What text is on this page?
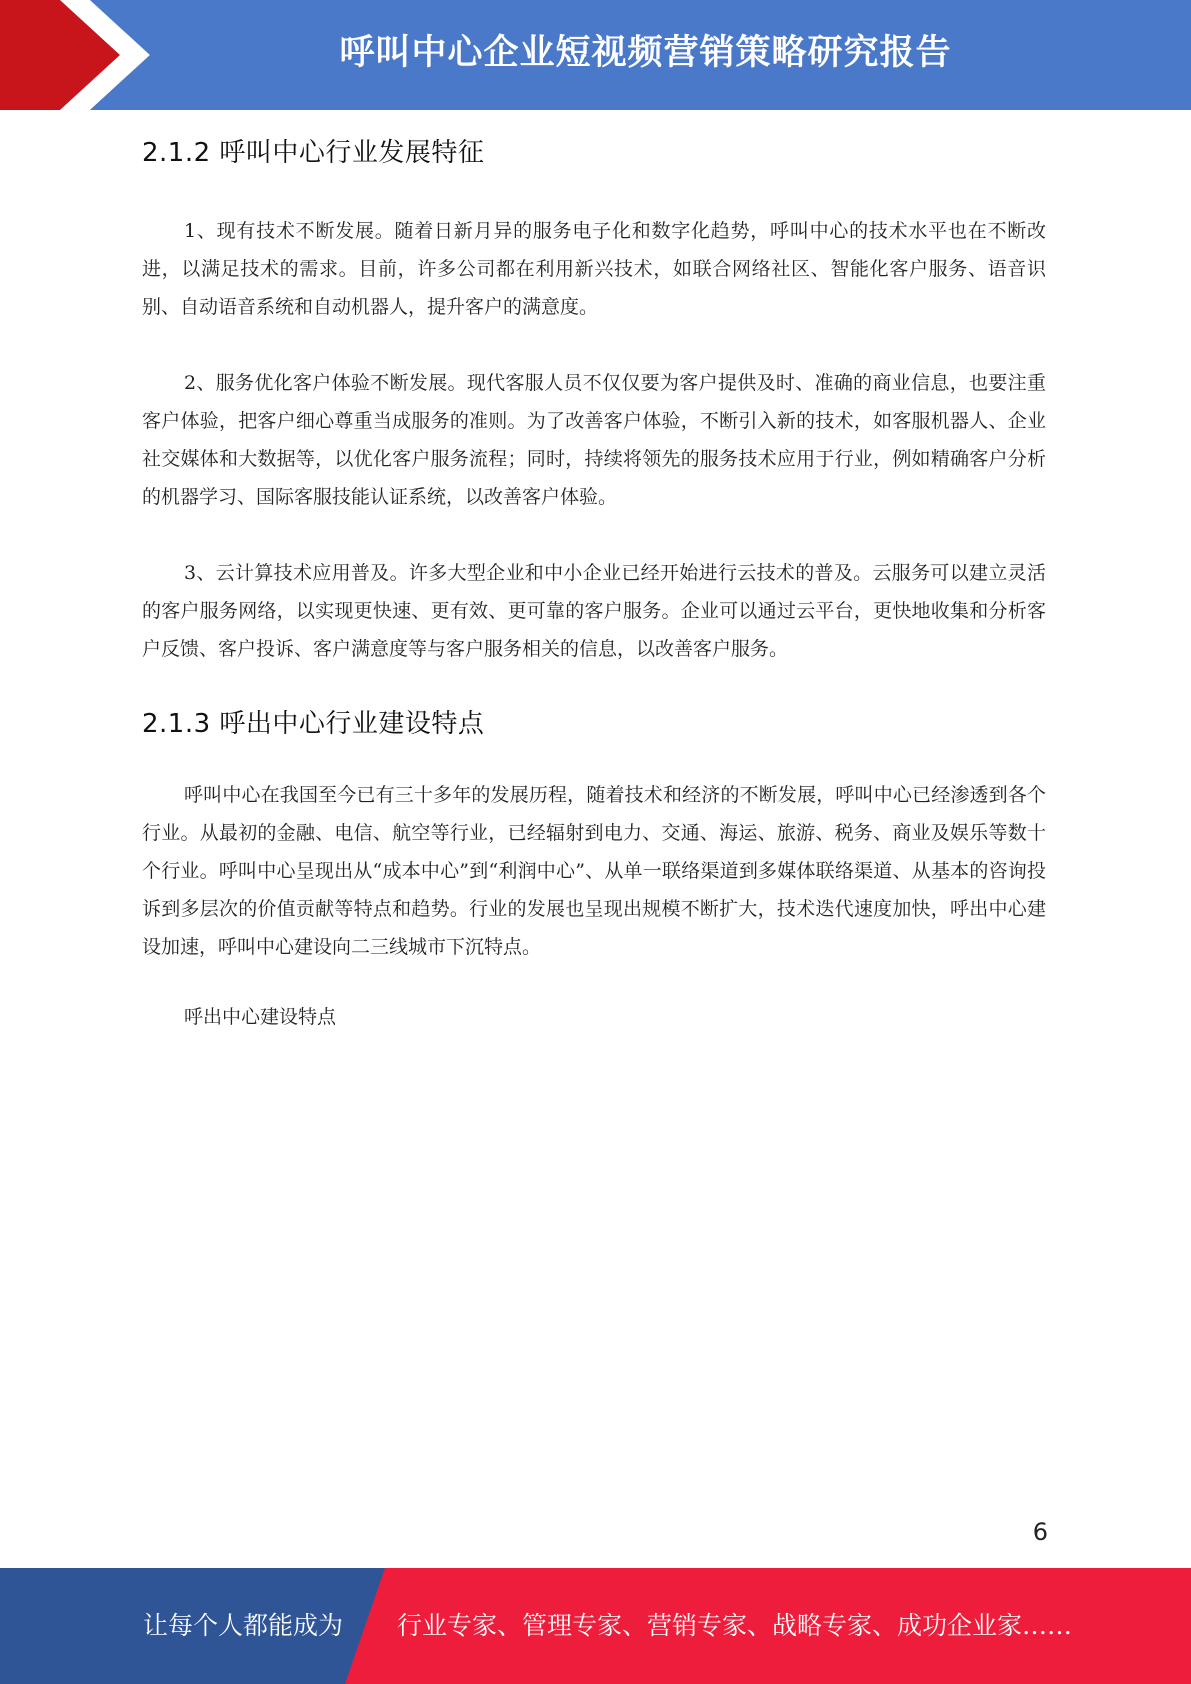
呼叫中心企业短视频营销策略研究报告
2.1.2 呼叫中心行业发展特征

1、现有技术不断发展。随着日新月异的服务电子化和数字化趋势，呼叫中心的技术水平也在不断改进，以满足技术的需求。目前，许多公司都在利用新兴技术，如联合网络社区、智能化客户服务、语音识别、自动语音系统和自动机器人，提升客户的满意度。

2、服务优化客户体验不断发展。现代客服人员不仅仅要为客户提供及时、准确的商业信息，也要注重客户体验，把客户细心尊重当成服务的准则。为了改善客户体验，不断引入新的技术，如客服机器人、企业社交媒体和大数据等，以优化客户服务流程；同时，持续将领先的服务技术应用于行业，例如精确客户分析的机器学习、国际客服技能认证系统，以改善客户体验。

3、云计算技术应用普及。许多大型企业和中小企业已经开始进行云技术的普及。云服务可以建立灵活的客户服务网络，以实现更快速、更有效、更可靠的客户服务。企业可以通过云平台，更快地收集和分析客户反馈、客户投诉、客户满意度等与客户服务相关的信息，以改善客户服务。

2.1.3 呼出中心行业建设特点

呼叫中心在我国至今已有三十多年的发展历程，随着技术和经济的不断发展，呼叫中心已经渗透到各个行业。从最初的金融、电信、航空等行业，已经辐射到电力、交通、海运、旅游、税务、商业及娱乐等数十个行业。呼叫中心呈现出从“成本中心”到“利润中心”、从单一联络渠道到多媒体联络渠道、从基本的咨询投诉到多层次的价值贡献等特点和趋势。行业的发展也呈现出规模不断扩大，技术迭代速度加快，呼出中心建设加速，呼叫中心建设向二三线城市下沉特点。

呼出中心建设特点
6
让每个人都能成为 行业专家、管理专家、营销专家、战略专家、成功企业家……
